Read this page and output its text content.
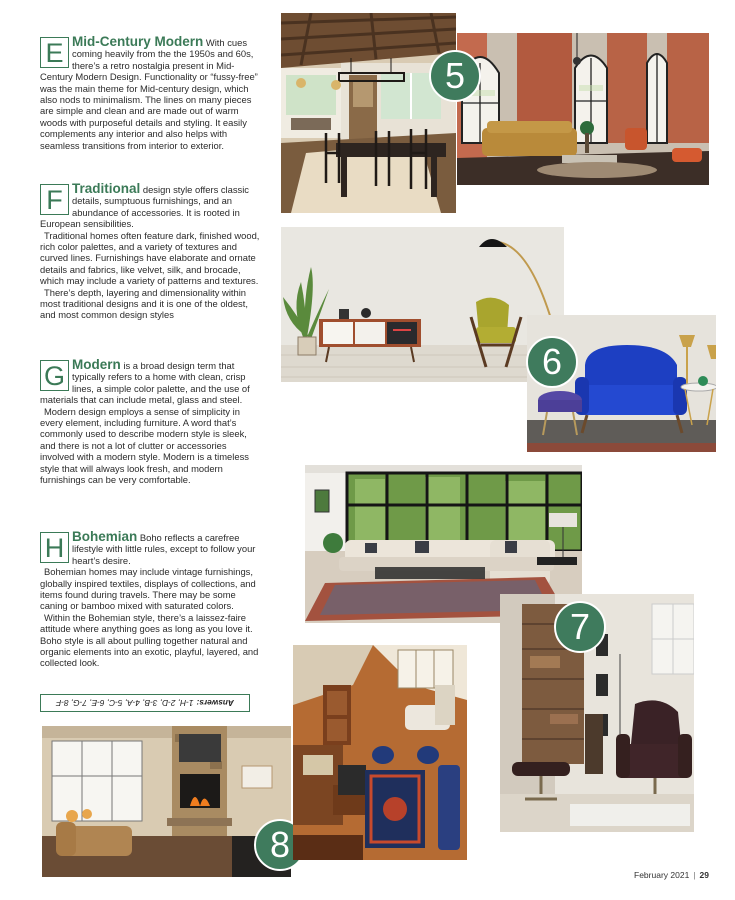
E Mid-Century Modern With cues coming heavily from the the 1950s and 60s, there’s a retro nostalgia present in Mid-Century Modern Design. Functionality or “fussy-free” was the main theme for Mid-century design, which also nods to minimalism. The lines on many pieces are simple and clean and are made out of warm woods with purposeful details and styling. It easily complements any interior and also helps with seamless transitions from interior to exterior.

F Traditional design style offers classic details, sumptuous furnishings, and an abundance of accessories. It is rooted in European sensibilities.

Traditional homes often feature dark, finished wood, rich color palettes, and a variety of textures and curved lines. Furnishings have elaborate and ornate details and fabrics, like velvet, silk, and brocade, which may include a variety of patterns and textures.

There’s depth, layering and dimensionality within most traditional designs and it is one of the oldest, and most common design styles

G Modern is a broad design term that typically refers to a home with clean, crisp lines, a simple color palette, and the use of materials that can include metal, glass and steel.

Modern design employs a sense of simplicity in every element, including furniture. A word that’s commonly used to describe modern style is sleek, and there is not a lot of clutter or accessories involved with a modern style. Modern is a timeless style that will always look fresh, and modern furnishings can be very comfortable.

H Bohemian Boho reflects a carefree lifestyle with little rules, except to follow your heart’s desire.

Bohemian homes may include vintage furnishings, globally inspired textiles, displays of collections, and items found during travels. There may be some caning or bamboo mixed with saturated colors.

Within the Bohemian style, there’s a laissez-faire attitude where anything goes as long as you love it. Boho style is all about pulling together natural and organic elements into an exotic, playful, layered, and collected look.

Answers:
1-H, 2-D, 3-B, 4-A, 5-C, 6-E, 7-G, 8-F
5
6
7
8
February 2021 | 29
